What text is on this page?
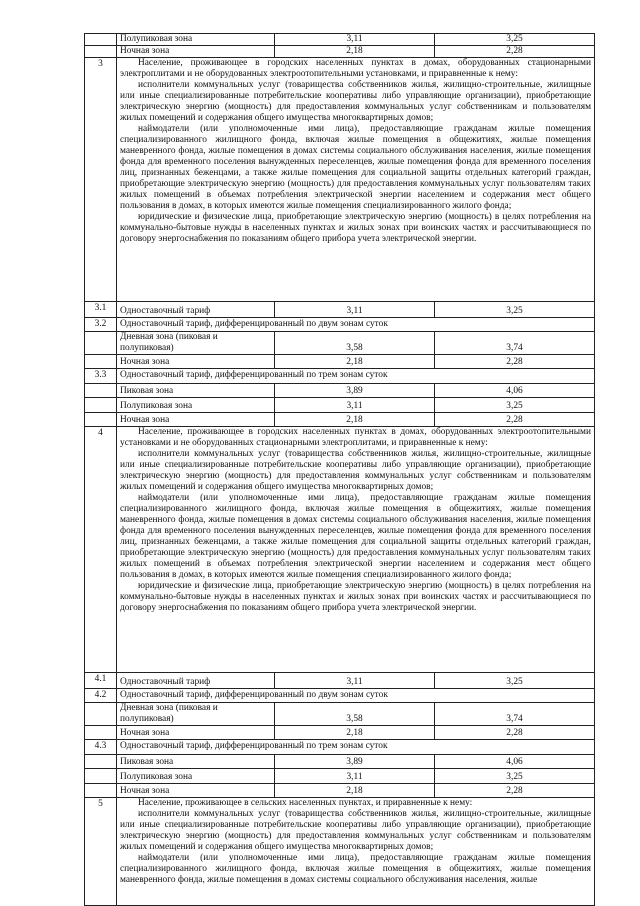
	Полупиковая зона	3,11	3,25
	Ночная зона	2,18	2,28
3	Население, проживающее в городских населенных пунктах в домах, оборудованных стационарными электроплитами и не оборудованных электроотопительными установками, и приравненные к нему:

исполнители коммунальных услуг (товарищества собственников жилья, жилищно-строительные, жилищные или иные специализированные потребительские кооперативы либо управляющие организации), приобретающие электрическую энергию (мощность) для предоставления коммунальных услуг собственникам и пользователям жилых помещений и содержания общего имущества многоквартирных домов;

наймодатели (или уполномоченные ими лица), предоставляющие гражданам жилые помещения специализированного жилищного фонда, включая жилые помещения в общежитиях, жилые помещения маневренного фонда, жилые помещения в домах системы социального обслуживания населения, жилые помещения фонда для временного поселения вынужденных переселенцев, жилые помещения фонда для временного поселения лиц, признанных беженцами, а также жилые помещения для социальной защиты отдельных категорий граждан, приобретающие электрическую энергию (мощность) для предоставления коммунальных услуг пользователям таких жилых помещений в объемах потребления электрической энергии населением и содержания мест общего пользования в домах, в которых имеются жилые помещения специализированного жилого фонда;

юридические и физические лица, приобретающие электрическую энергию (мощность) в целях потребления на коммунально-бытовые нужды в населенных пунктах и жилых зонах при воинских частях и рассчитывающиеся по договору энергоснабжения по показаниям общего прибора учета электрической энергии.		

3.1	Одноставочный тариф	3,11	3,25
3.2	Одноставочный тариф, дифференцированный по двум зонам суток		
	Дневная зона (пиковая и полупиковая)	3,58	3,74
	Ночная зона	2,18	2,28
3.3	Одноставочный тариф, дифференцированный по трем зонам суток		
	Пиковая зона	3,89	4,06
	Полупиковая зона	3,11	3,25
	Ночная зона	2,18	2,28
4	Население, проживающее в городских населенных пунктах в домах, оборудованных электроотопительными установками и не оборудованных стационарными электроплитами, и приравненные к нему:

исполнители коммунальных услуг (товарищества собственников жилья, жилищно-строительные, жилищные или иные специализированные потребительские кооперативы либо управляющие организации), приобретающие электрическую энергию (мощность) для предоставления коммунальных услуг собственникам и пользователям жилых помещений и содержания общего имущества многоквартирных домов;

наймодатели (или уполномоченные ими лица), предоставляющие гражданам жилые помещения специализированного жилищного фонда, включая жилые помещения в общежитиях, жилые помещения маневренного фонда, жилые помещения в домах системы социального обслуживания населения, жилые помещения фонда для временного поселения вынужденных переселенцев, жилые помещения фонда для временного поселения лиц, признанных беженцами, а также жилые помещения для социальной защиты отдельных категорий граждан, приобретающие электрическую энергию (мощность) для предоставления коммунальных услуг пользователям таких жилых помещений в объемах потребления электрической энергии населением и содержания мест общего пользования в домах, в которых имеются жилые помещения специализированного жилого фонда;

юридические и физические лица, приобретающие электрическую энергию (мощность) в целях потребления на коммунально-бытовые нужды в населенных пунктах и жилых зонах при воинских частях и рассчитывающиеся по договору энергоснабжения по показаниям общего прибора учета электрической энергии.		

4.1	Одноставочный тариф	3,11	3,25
4.2	Одноставочный тариф, дифференцированный по двум зонам суток		
	Дневная зона (пиковая и полупиковая)	3,58	3,74
	Ночная зона	2,18	2,28
4.3	Одноставочный тариф, дифференцированный по трем зонам суток		
	Пиковая зона	3,89	4,06
	Полупиковая зона	3,11	3,25
	Ночная зона	2,18	2,28
5	Население, проживающее в сельских населенных пунктах, и приравненные к нему:

исполнители коммунальных услуг (товарищества собственников жилья, жилищно-строительные, жилищные или иные специализированные потребительские кооперативы либо управляющие организации), приобретающие электрическую энергию (мощность) для предоставления коммунальных услуг собственникам и пользователям жилых помещений и содержания общего имущества многоквартирных домов;

наймодатели (или уполномоченные ими лица), предоставляющие гражданам жилые помещения специализированного жилищного фонда, включая жилые помещения в общежитиях, жилые помещения маневренного фонда, жилые помещения в домах системы социального обслуживания населения, жилые		
